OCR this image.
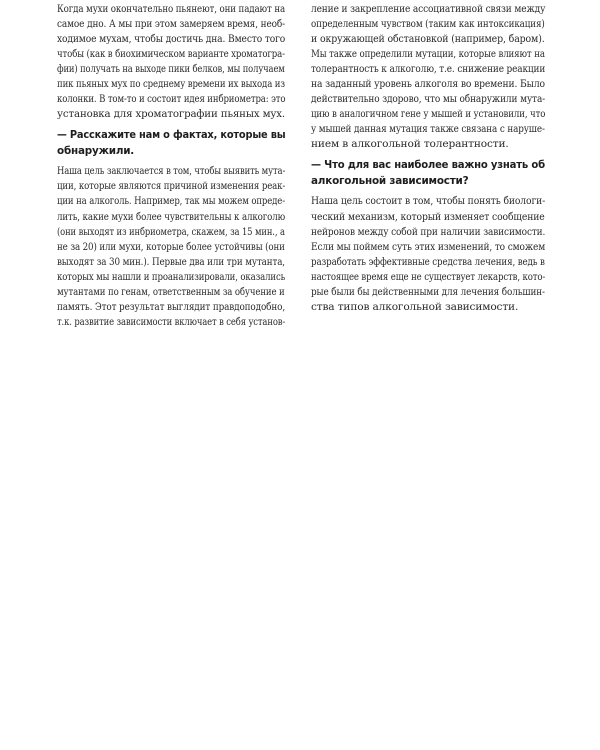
Когда мухи окончательно пьянеют, они падают на
самое дно. А мы при этом замеряем время, необ-
ходимое мухам, чтобы достичь дна. Вместо того
чтобы (как в биохимическом варианте хроматогра-
фии) получать на выходе пики белков, мы получаем
пик пьяных мух по среднему времени их выхода из
колонки. В том-то и состоит идея инбриометра: это
установка для хроматографии пьяных мух.
— Расскажите нам о фактах, которые вы
обнаружили.
Наша цель заключается в том, чтобы выявить мута-
ции, которые являются причиной изменения реак-
ции на алкоголь. Например, так мы можем опреде-
лить, какие мухи более чувствительны к алкоголю
(они выходят из инбриометра, скажем, за 15 мин., а
не за 20) или мухи, которые более устойчивы (они
выходят за 30 мин.). Первые два или три мутанта,
которых мы нашли и проанализировали, оказались
мутантами по генам, ответственным за обучение и
память. Этот результат выглядит правдоподобно,
т.к. развитие зависимости включает в себя установ-
ление и закрепление ассоциативной связи между
определенным чувством (таким как интоксикация)
и окружающей обстановкой (например, баром).
Мы также определили мутации, которые влияют на
толерантность к алкоголю, т.е. снижение реакции
на заданный уровень алкоголя во времени. Было
действительно здорово, что мы обнаружили мута-
цию в аналогичном гене у мышей и установили, что
у мышей данная мутация также связана с наруше-
нием в алкогольной толерантности.
— Что для вас наиболее важно узнать об
алкогольной зависимости?
Наша цель состоит в том, чтобы понять биологи-
ческий механизм, который изменяет сообщение
нейронов между собой при наличии зависимости.
Если мы поймем суть этих изменений, то сможем
разработать эффективные средства лечения, ведь в
настоящее время еще не существует лекарств, кото-
рые были бы действенными для лечения большин-
ства типов алкогольной зависимости.
